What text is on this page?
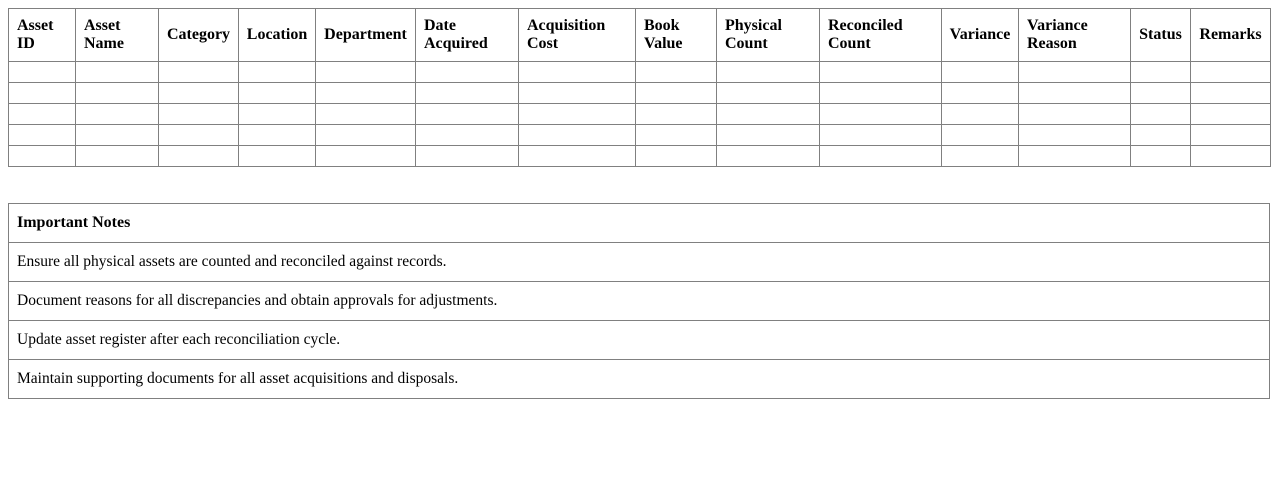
Asset ID	Asset Name	Category	Location	Department	Date Acquired	Acquisition Cost	Book Value	Physical Count	Reconciled Count	Variance	Variance Reason	Status	Remarks

Important Notes
Ensure all physical assets are counted and reconciled against records.
Document reasons for all discrepancies and obtain approvals for adjustments.
Update asset register after each reconciliation cycle.
Maintain supporting documents for all asset acquisitions and disposals.
